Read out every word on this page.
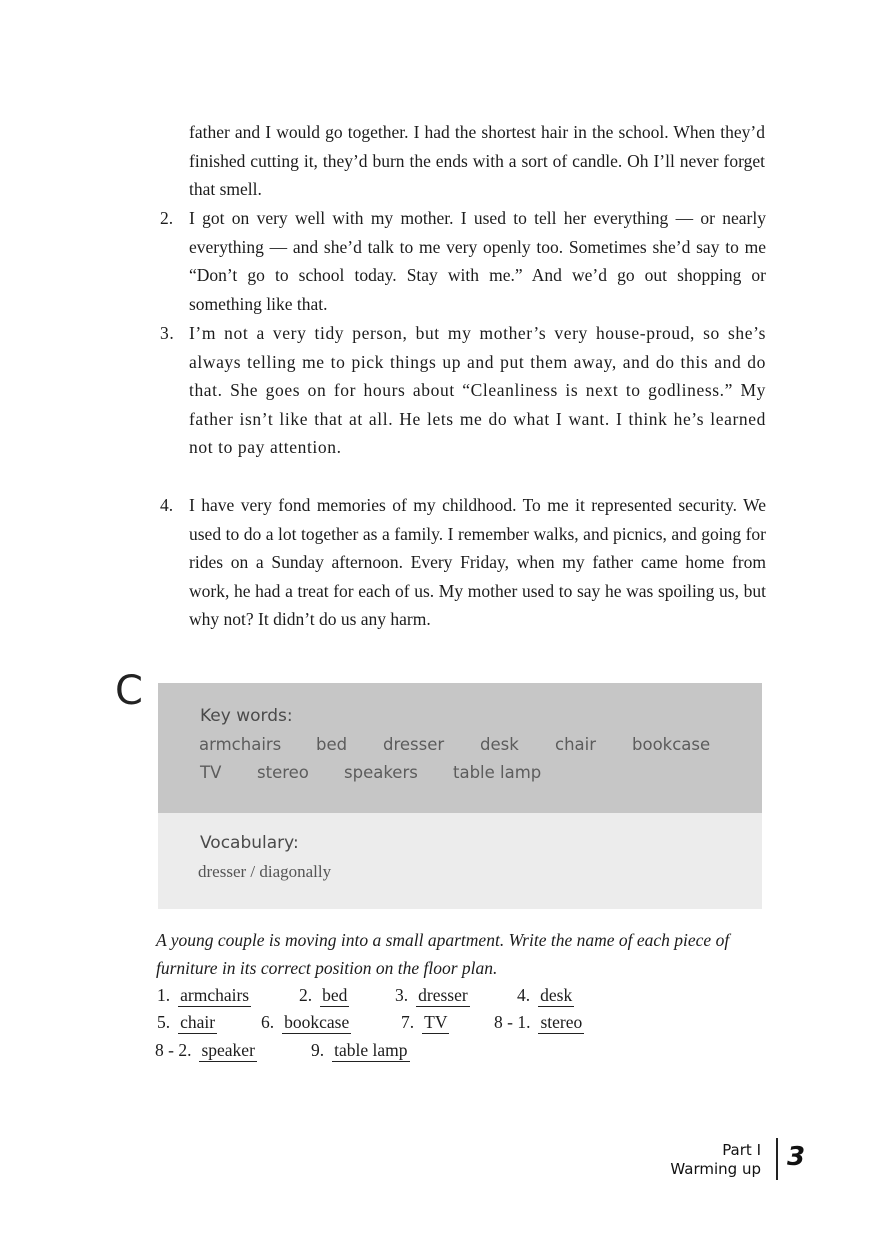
father and I would go together. I had the shortest hair in the school. When they’d finished cutting it, they’d burn the ends with a sort of candle. Oh I’ll never forget that smell.
2. I got on very well with my mother. I used to tell her everything — or nearly everything — and she’d talk to me very openly too. Sometimes she’d say to me “Don’t go to school today. Stay with me.” And we’d go out shopping or something like that.
3. I’m not a very tidy person, but my mother’s very house-proud, so she’s always telling me to pick things up and put them away, and do this and do that. She goes on for hours about “Cleanliness is next to godliness.” My father isn’t like that at all. He lets me do what I want. I think he’s learned not to pay attention.
4. I have very fond memories of my childhood. To me it represented security. We used to do a lot together as a family. I remember walks, and picnics, and going for rides on a Sunday afternoon. Every Friday, when my father came home from work, he had a treat for each of us. My mother used to say he was spoiling us, but why not? It didn’t do us any harm.
C
Key words:
armchairs bed dresser desk chair bookcase
TV stereo speakers table lamp
Vocabulary:
dresser / diagonally
A young couple is moving into a small apartment. Write the name of each piece of furniture in its correct position on the floor plan.
1. armchairs	2. bed	3. dresser	4. desk
5. chair	6. bookcase	7. TV	8 - 1. stereo
8 - 2. speaker	9. table lamp
Part I
Warming up 3
